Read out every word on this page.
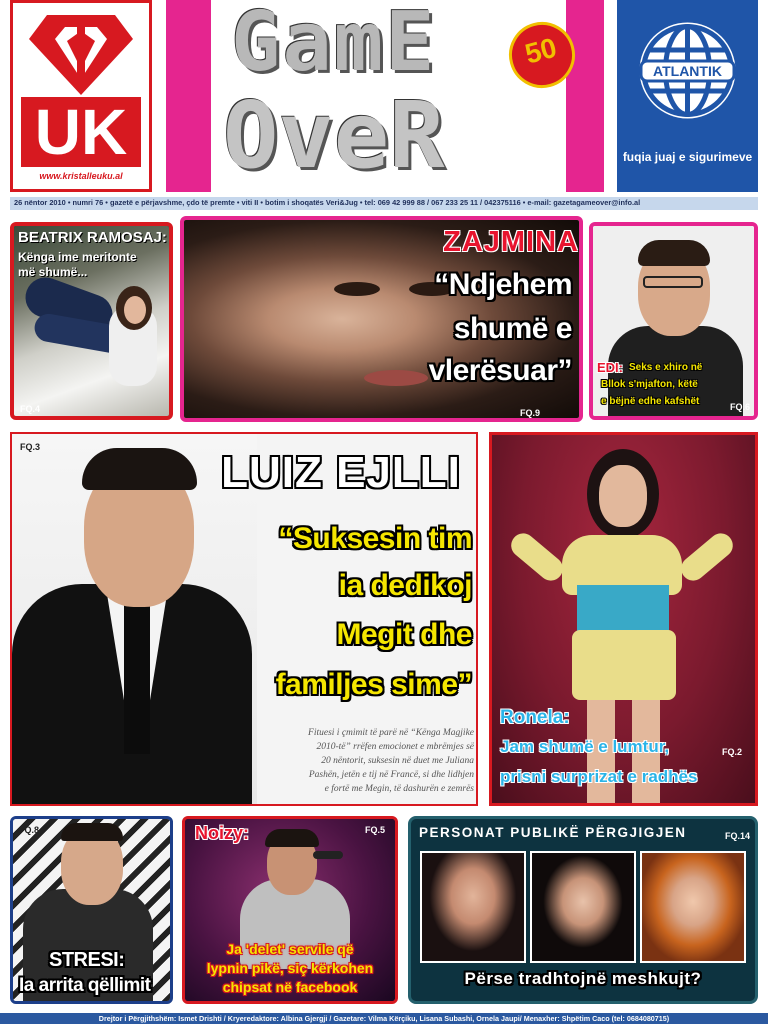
UK
www.kristalleuku.al
GamE
OveR
50
ATLANTIK
fuqia juaj e sigurimeve
26 nëntor 2010 • numri 76 • gazetë e përjavshme, çdo të premte • viti II • botim i shoqatës Veri&Jug • tel: 069 42 999 88 / 067 233 25 11 / 042375116 • e-mail: gazetagameover@info.al
BEATRIX RAMOSAJ:
Kënga ime meritonte
më shumë...
FQ.4
ZAJMINA
“Ndjehem
shumë e
vlerësuar”
FQ.9
EDI: Seks e xhiro në
Bllok s'mjafton, këtë
e bëjnë edhe kafshët	FQ.6
FQ.3
LUIZ EJLLI
“Suksesin tim
ia dedikoj
Megit dhe
familjes sime”
Fituesi i çmimit të parë në “Kënga Magjike
2010-të” rrëfen emocionet e mbrëmjes së
20 nëntorit, suksesin në duet me Juliana
Pashën, jetën e tij në Francë, si dhe lidhjen
e fortë me Megin, të dashurën e zemrës
Ronela:
Jam shumë e lumtur,
prisni surprizat e radhës
FQ.2
FQ.8
STRESI:
Ia arrita qëllimit
Noizy:	FQ.5
Ja 'delet' servile që
lypnin pikë, siç kërkohen
chipsat në facebook
PERSONAT PUBLIKË PËRGJIGJEN	FQ.14
Përse tradhtojnë meshkujt?
Drejtor i Përgjithshëm: Ismet Drishti / Kryeredaktore: Albina Gjergji / Gazetare: Vilma Kërçiku, Lisana Subashi, Ornela Jaupi/ Menaxher: Shpëtim Caco (tel: 0684080715)
